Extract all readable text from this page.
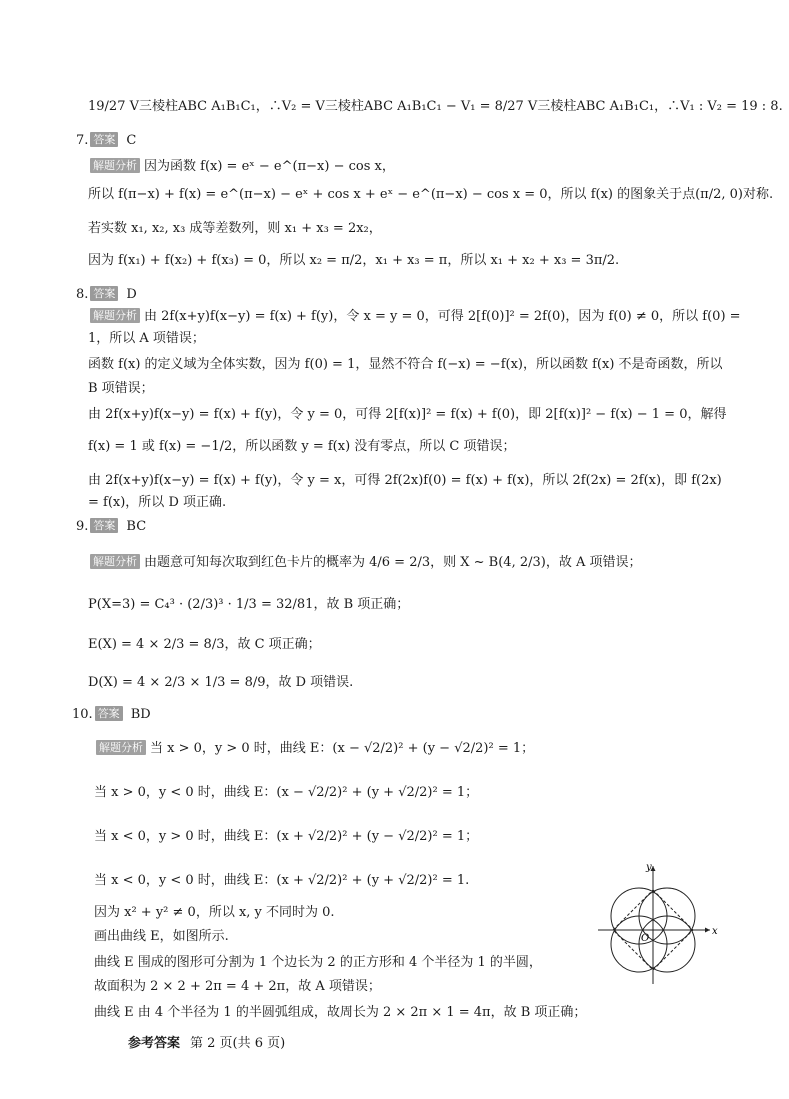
19/27 V三棱柱ABC A₁B₁C₁，∴V₂ = V三棱柱ABC A₁B₁C₁ − V₁ = 8/27 V三棱柱ABC A₁B₁C₁，∴V₁ : V₂ = 19 : 8.
7. 答案 C
解题分析 因为函数 f(x) = eˣ − e^(π−x) − cos x，
所以 f(π−x) + f(x) = e^(π−x) − eˣ + cos x + eˣ − e^(π−x) − cos x = 0，所以 f(x) 的图象关于点(π/2, 0)对称.
若实数 x₁, x₂, x₃ 成等差数列，则 x₁ + x₃ = 2x₂，
因为 f(x₁) + f(x₂) + f(x₃) = 0，所以 x₂ = π/2，x₁ + x₃ = π，所以 x₁ + x₂ + x₃ = 3π/2.
8. 答案 D
解题分析 由 2f(x+y)f(x−y) = f(x) + f(y)，令 x = y = 0，可得 2[f(0)]² = 2f(0)，因为 f(0) ≠ 0，所以 f(0) =
1，所以 A 项错误；
函数 f(x) 的定义域为全体实数，因为 f(0) = 1，显然不符合 f(−x) = −f(x)，所以函数 f(x) 不是奇函数，所以
B 项错误；
由 2f(x+y)f(x−y) = f(x) + f(y)，令 y = 0，可得 2[f(x)]² = f(x) + f(0)，即 2[f(x)]² − f(x) − 1 = 0，解得
f(x) = 1 或 f(x) = −1/2，所以函数 y = f(x) 没有零点，所以 C 项错误；
由 2f(x+y)f(x−y) = f(x) + f(y)，令 y = x，可得 2f(2x)f(0) = f(x) + f(x)，所以 2f(2x) = 2f(x)，即 f(2x)
= f(x)，所以 D 项正确.
9. 答案 BC
解题分析 由题意可知每次取到红色卡片的概率为 4/6 = 2/3，则 X ~ B(4, 2/3)，故 A 项错误；
P(X=3) = C₄³ · (2/3)³ · 1/3 = 32/81，故 B 项正确；
E(X) = 4 × 2/3 = 8/3，故 C 项正确；
D(X) = 4 × 2/3 × 1/3 = 8/9，故 D 项错误.
10. 答案 BD
解题分析 当 x > 0，y > 0 时，曲线 E：(x − √2/2)² + (y − √2/2)² = 1；
当 x > 0，y < 0 时，曲线 E：(x − √2/2)² + (y + √2/2)² = 1；
当 x < 0，y > 0 时，曲线 E：(x + √2/2)² + (y − √2/2)² = 1；
当 x < 0，y < 0 时，曲线 E：(x + √2/2)² + (y + √2/2)² = 1.
因为 x² + y² ≠ 0，所以 x, y 不同时为 0.
画出曲线 E，如图所示.
曲线 E 围成的图形可分割为 1 个边长为 2 的正方形和 4 个半径为 1 的半圆，
故面积为 2 × 2 + 2π = 4 + 2π，故 A 项错误；
曲线 E 由 4 个半径为 1 的半圆弧组成，故周长为 2 × 2π × 1 = 4π，故 B 项正确；
x
y
O
参考答案 第 2 页(共 6 页)
